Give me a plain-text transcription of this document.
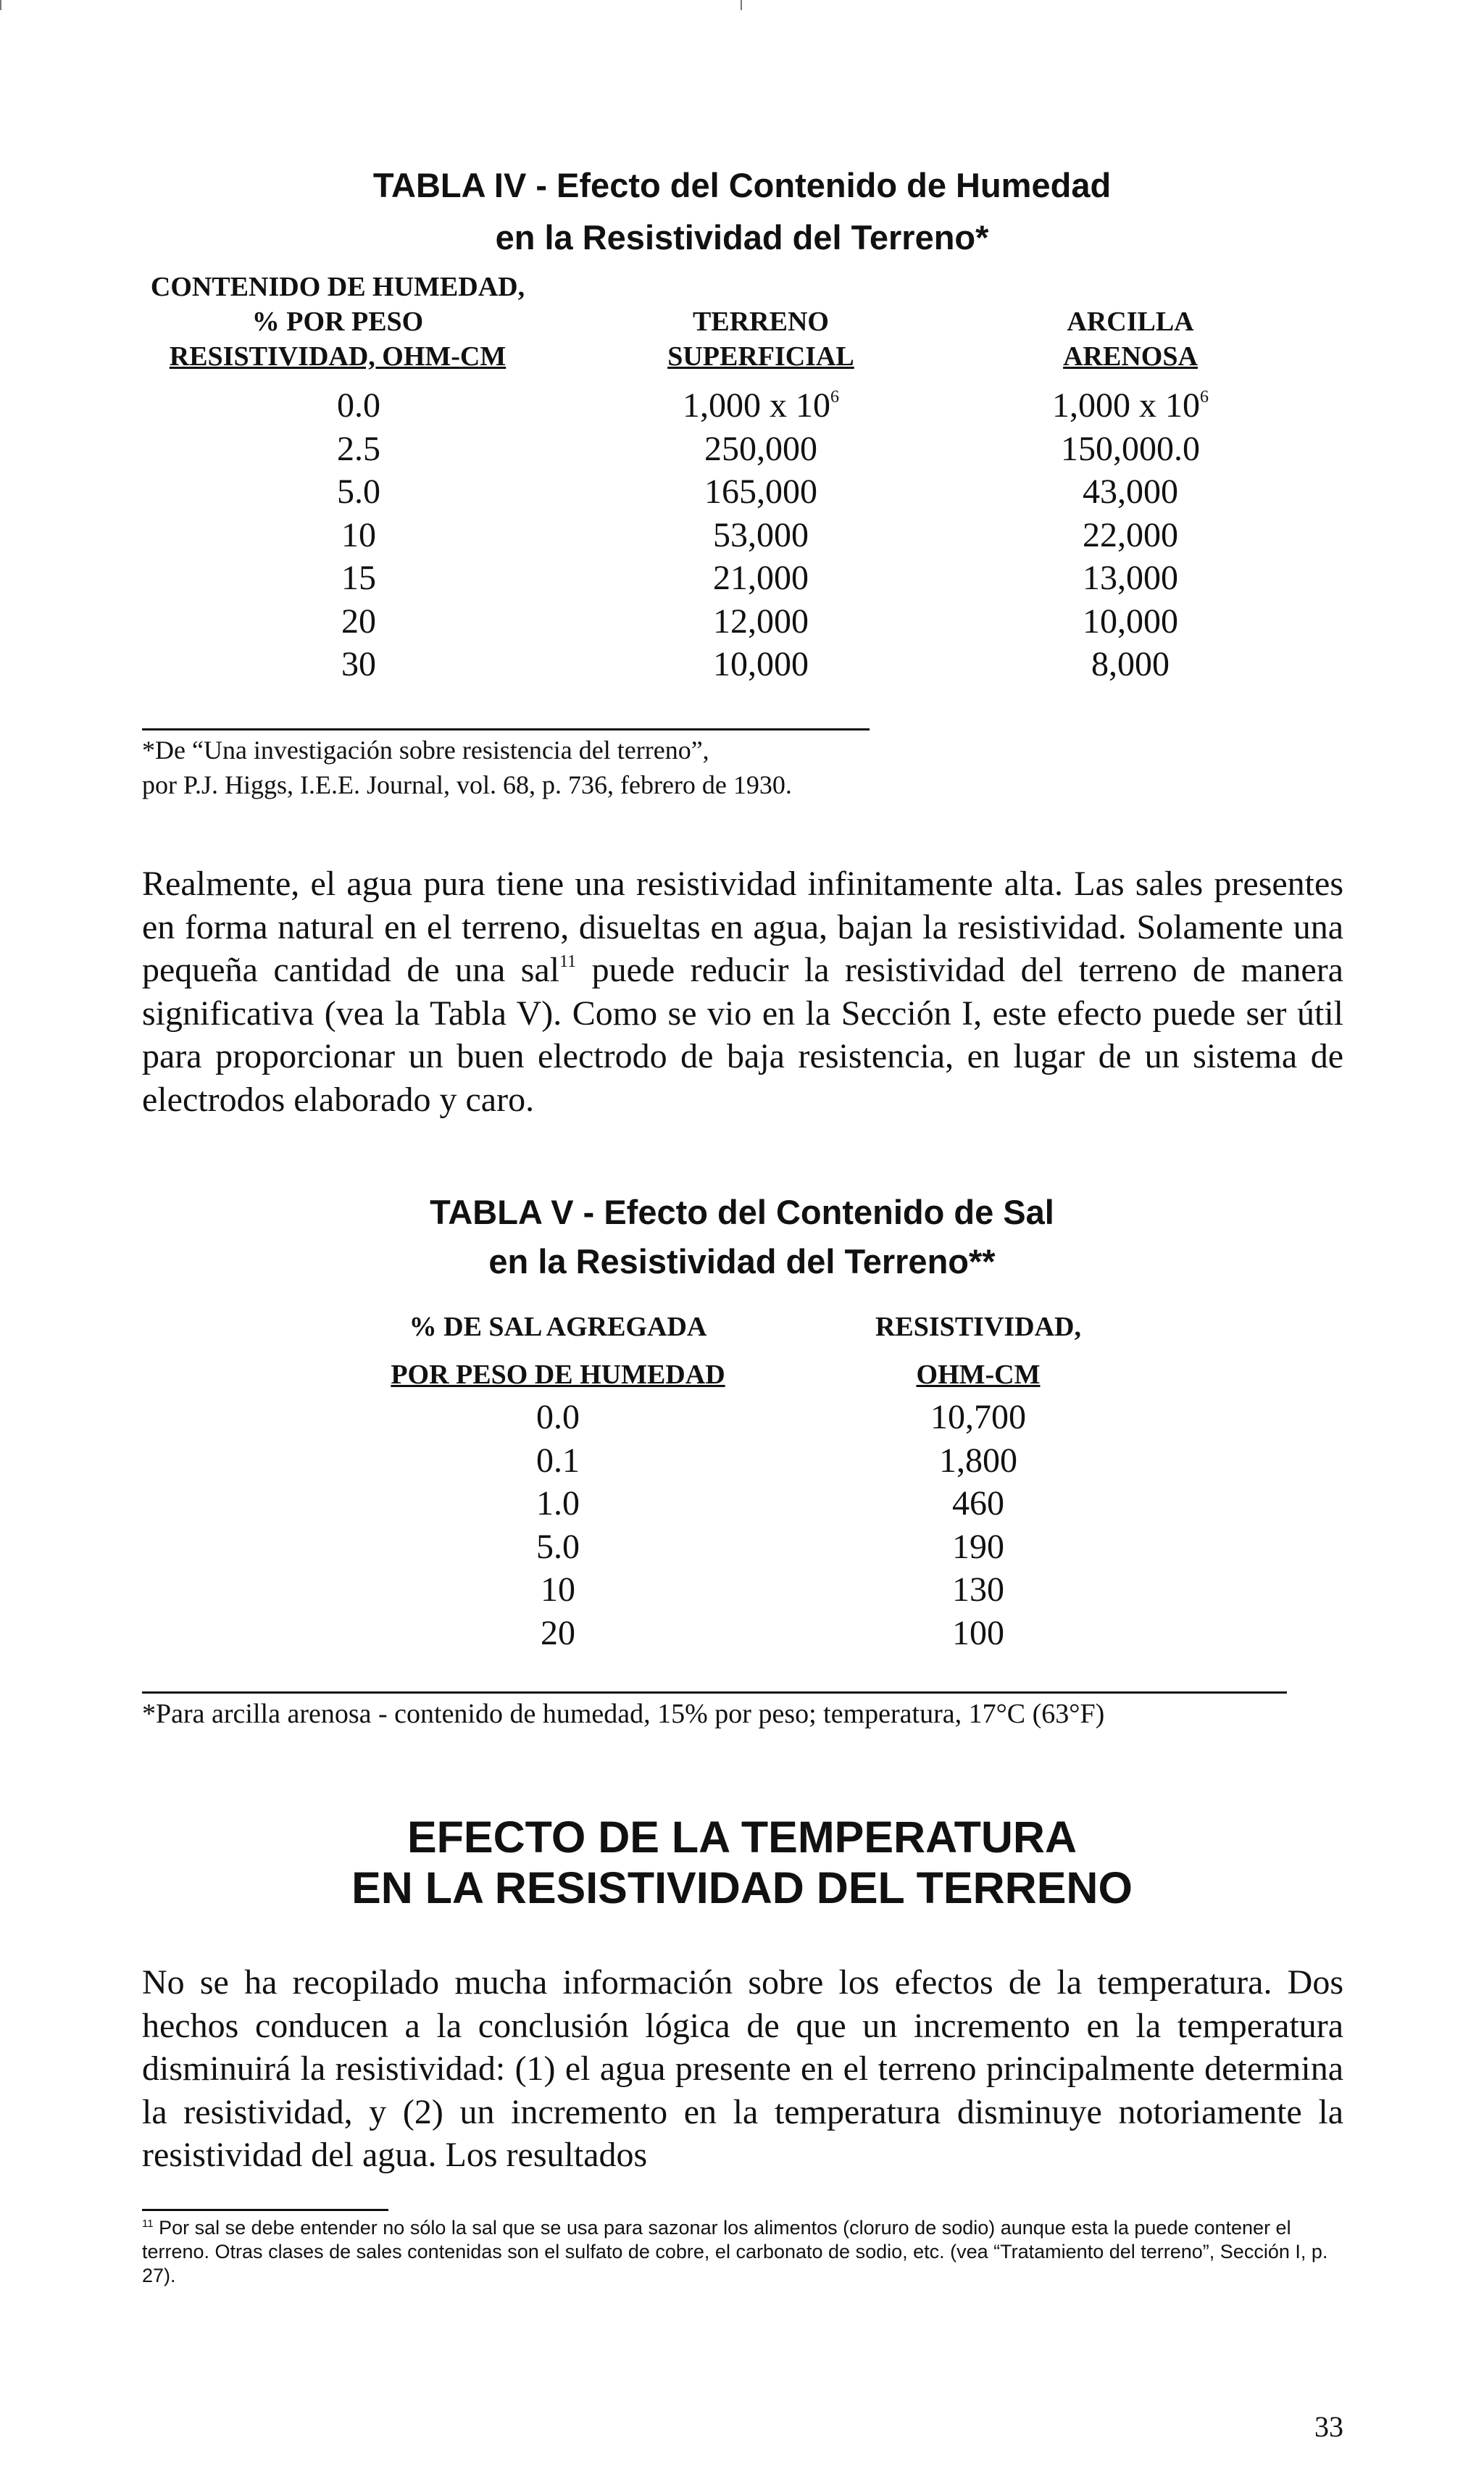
TABLA IV - Efecto del Contenido de Humedad
en la Resistividad del Terreno*
CONTENIDO DE HUMEDAD,
% POR PESO
RESISTIVIDAD, OHM-CM
TERRENO
SUPERFICIAL
ARCILLA
ARENOSA
0.0
2.5
5.0
10
15
20
30
1,000 x $10^6$
250,000
165,000
53,000
21,000
12,000
10,000
1,000 x $10^6$
150,000.0
43,000
22,000
13,000
10,000
8,000
*De “Una investigación sobre resistencia del terreno”,
por P.J. Higgs, I.E.E. Journal, vol. 68, p. 736, febrero de 1930.
Realmente, el agua pura tiene una resistividad infinitamente alta. Las sales presentes en forma natural en el terreno, disueltas en agua, bajan la resistividad. Solamente una pequeña cantidad de una sal$^{11}$ puede reducir la resistividad del terreno de manera significativa (vea la Tabla V). Como se vio en la Sección I, este efecto puede ser útil para proporcionar un buen electrodo de baja resistencia, en lugar de un sistema de electrodos elaborado y caro.
TABLA V - Efecto del Contenido de Sal
en la Resistividad del Terreno**
% DE SAL AGREGADA
POR PESO DE HUMEDAD
RESISTIVIDAD,
OHM-CM
0.0
0.1
1.0
5.0
10
20
10,700
1,800
460
190
130
100
*Para arcilla arenosa - contenido de humedad, 15% por peso; temperatura, 17°C (63°F)
EFECTO DE LA TEMPERATURA
EN LA RESISTIVIDAD DEL TERRENO
No se ha recopilado mucha información sobre los efectos de la temperatura. Dos hechos conducen a la conclusión lógica de que un incremento en la temperatura disminuirá la resistividad: (1) el agua presente en el terreno principalmente determina la resistividad, y (2) un incremento en la temperatura disminuye notoriamente la resistividad del agua. Los resultados
$^{11}$ Por sal se debe entender no sólo la sal que se usa para sazonar los alimentos (cloruro de sodio) aunque esta la puede contener el terreno. Otras clases de sales contenidas son el sulfato de cobre, el carbonato de sodio, etc. (vea “Tratamiento del terreno”, Sección I, p. 27).
33
